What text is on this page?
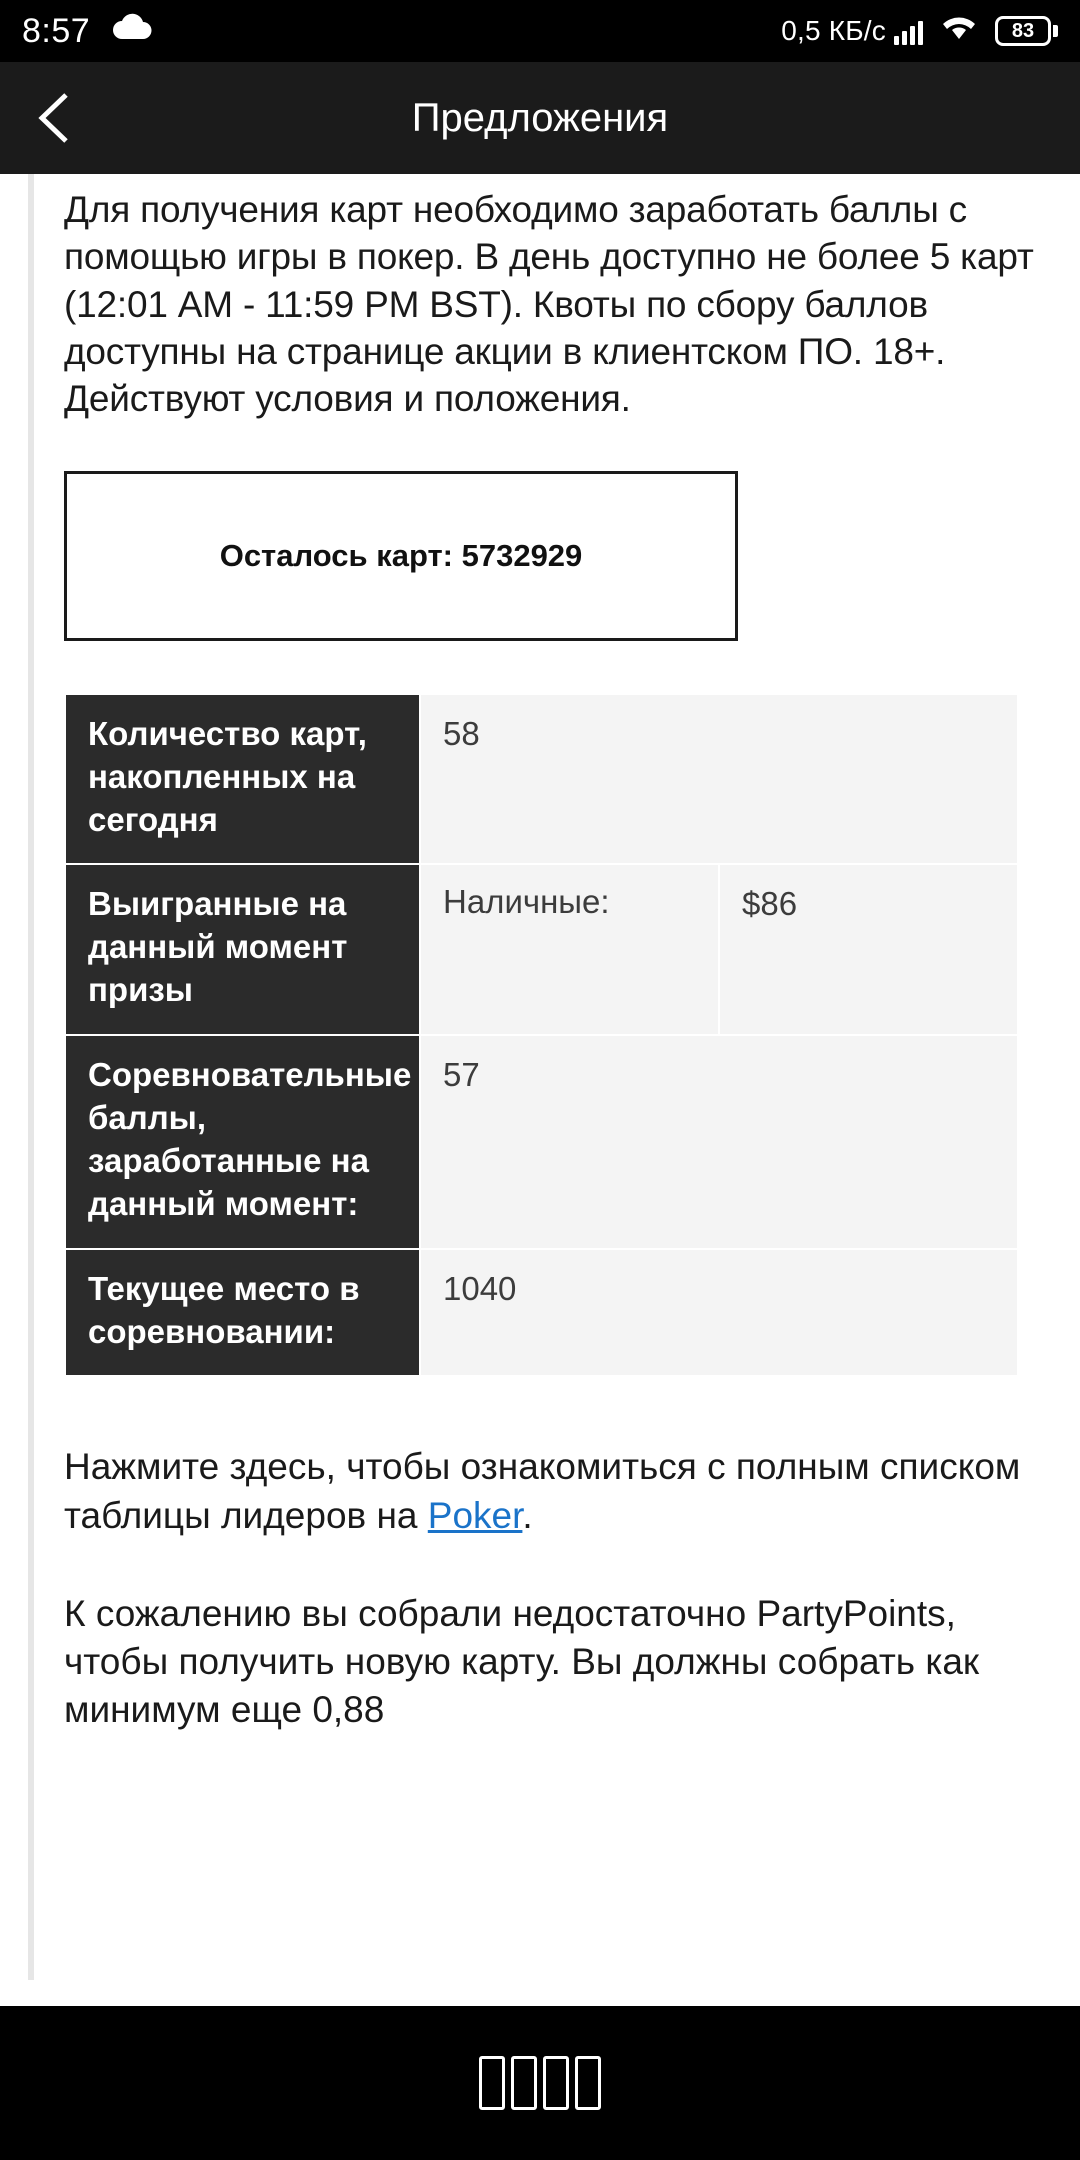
8:57	0,5 КБ/с	83
Предложения

Для получения карт необходимо заработать баллы с помощью игры в покер. В день доступно не более 5 карт (12:01 AM - 11:59 PM BST). Квоты по сбору баллов доступны на странице акции в клиентском ПО. 18+. Действуют условия и положения.

Осталось карт: 5732929
Количество карт, накопленных на сегодня	58	
Выигранные на данный момент призы	Наличные:	$86
Соревновательные баллы, заработанные на данный момент:	57	
Текущее место в соревновании:	1040	

Нажмите здесь, чтобы ознакомиться с полным списком таблицы лидеров на Poker.

К сожалению вы собрали недостаточно PartyPoints, чтобы получить новую карту. Вы должны собрать как минимум еще 0,88
